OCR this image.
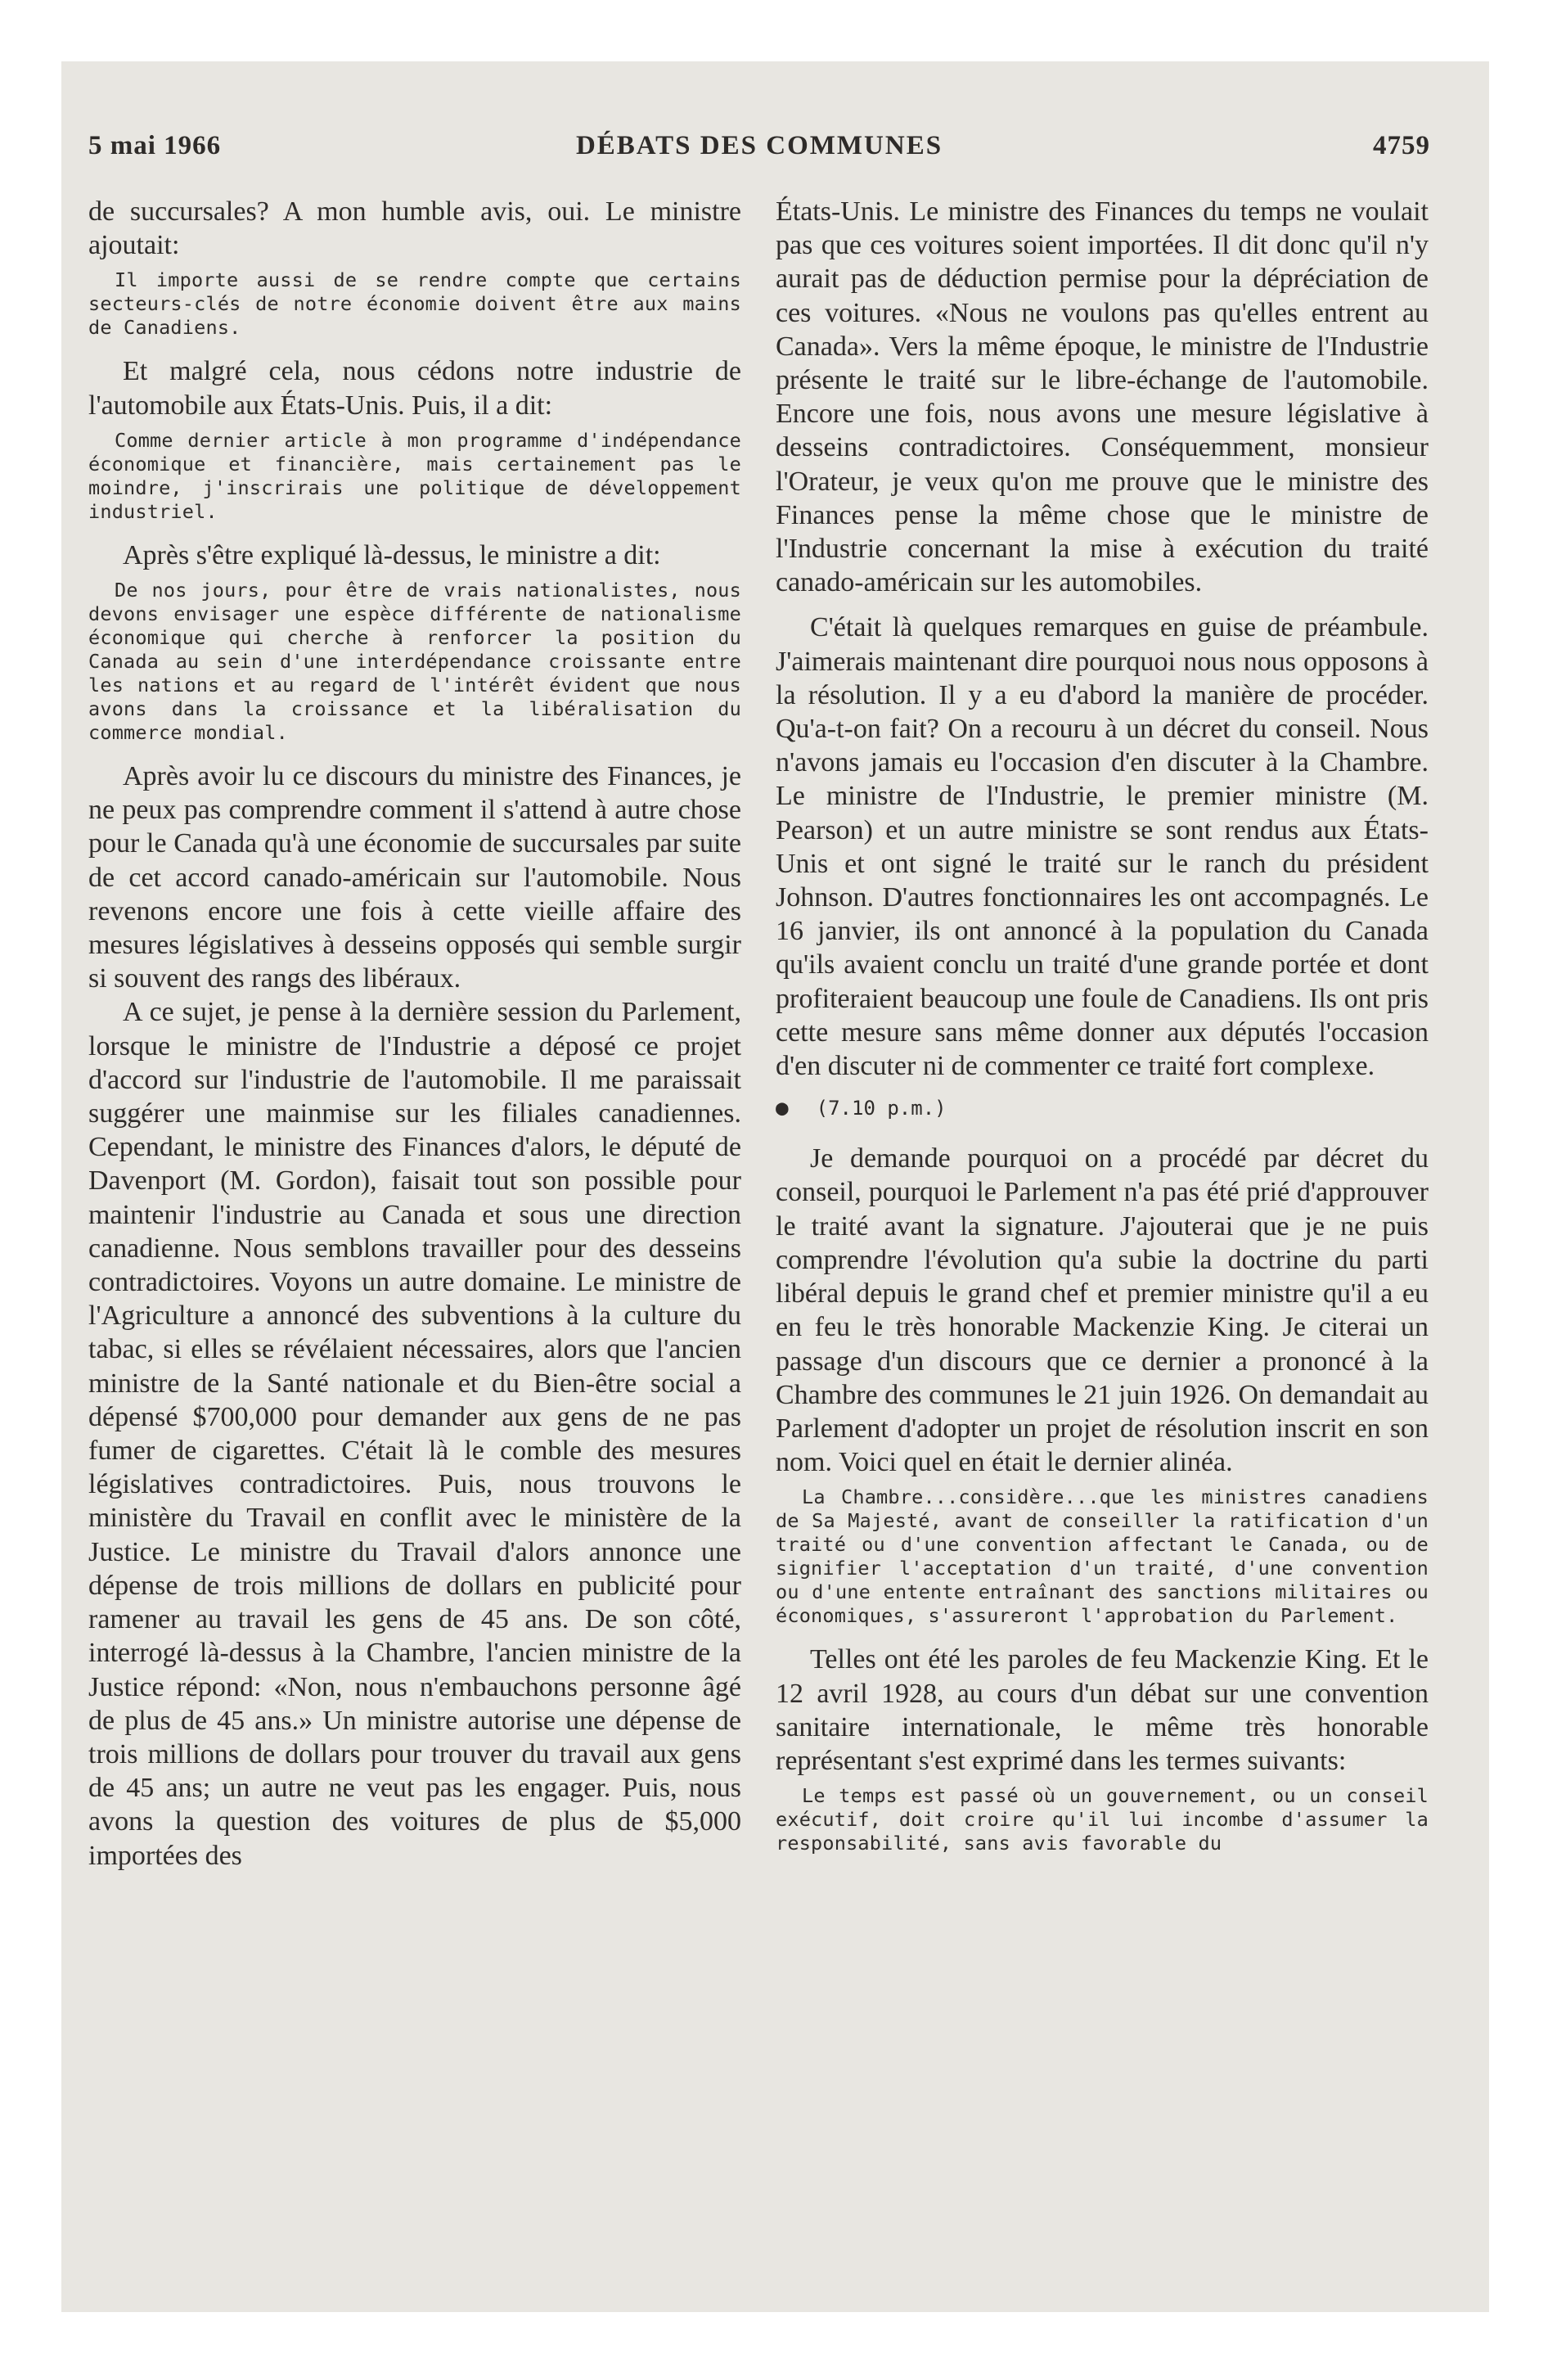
5 mai 1966	DÉBATS DES COMMUNES	4759

de succursales? A mon humble avis, oui. Le ministre ajoutait:

Il importe aussi de se rendre compte que certains secteurs-clés de notre économie doivent être aux mains de Canadiens.

Et malgré cela, nous cédons notre industrie de l'automobile aux États-Unis. Puis, il a dit:

Comme dernier article à mon programme d'indépendance économique et financière, mais certainement pas le moindre, j'inscrirais une politique de développement industriel.

Après s'être expliqué là-dessus, le ministre a dit:

De nos jours, pour être de vrais nationalistes, nous devons envisager une espèce différente de nationalisme économique qui cherche à renforcer la position du Canada au sein d'une interdépendance croissante entre les nations et au regard de l'intérêt évident que nous avons dans la croissance et la libéralisation du commerce mondial.

Après avoir lu ce discours du ministre des Finances, je ne peux pas comprendre comment il s'attend à autre chose pour le Canada qu'à une économie de succursales par suite de cet accord canado-américain sur l'automobile. Nous revenons encore une fois à cette vieille affaire des mesures législatives à desseins opposés qui semble surgir si souvent des rangs des libéraux.

A ce sujet, je pense à la dernière session du Parlement, lorsque le ministre de l'Industrie a déposé ce projet d'accord sur l'industrie de l'automobile. Il me paraissait suggérer une mainmise sur les filiales canadiennes. Cependant, le ministre des Finances d'alors, le député de Davenport (M. Gordon), faisait tout son possible pour maintenir l'industrie au Canada et sous une direction canadienne. Nous semblons travailler pour des desseins contradictoires. Voyons un autre domaine. Le ministre de l'Agriculture a annoncé des subventions à la culture du tabac, si elles se révélaient nécessaires, alors que l'ancien ministre de la Santé nationale et du Bien-être social a dépensé $700,000 pour demander aux gens de ne pas fumer de cigarettes. C'était là le comble des mesures législatives contradictoires. Puis, nous trouvons le ministère du Travail en conflit avec le ministère de la Justice. Le ministre du Travail d'alors annonce une dépense de trois millions de dollars en publicité pour ramener au travail les gens de 45 ans. De son côté, interrogé là-dessus à la Chambre, l'ancien ministre de la Justice répond: «Non, nous n'embauchons personne âgé de plus de 45 ans.» Un ministre autorise une dépense de trois millions de dollars pour trouver du travail aux gens de 45 ans; un autre ne veut pas les engager. Puis, nous avons la question des voitures de plus de $5,000 importées des

États-Unis. Le ministre des Finances du temps ne voulait pas que ces voitures soient importées. Il dit donc qu'il n'y aurait pas de déduction permise pour la dépréciation de ces voitures. «Nous ne voulons pas qu'elles entrent au Canada». Vers la même époque, le ministre de l'Industrie présente le traité sur le libre-échange de l'automobile. Encore une fois, nous avons une mesure législative à desseins contradictoires. Conséquemment, monsieur l'Orateur, je veux qu'on me prouve que le ministre des Finances pense la même chose que le ministre de l'Industrie concernant la mise à exécution du traité canado-américain sur les automobiles.

C'était là quelques remarques en guise de préambule. J'aimerais maintenant dire pourquoi nous nous opposons à la résolution. Il y a eu d'abord la manière de procéder. Qu'a-t-on fait? On a recouru à un décret du conseil. Nous n'avons jamais eu l'occasion d'en discuter à la Chambre. Le ministre de l'Industrie, le premier ministre (M. Pearson) et un autre ministre se sont rendus aux États-Unis et ont signé le traité sur le ranch du président Johnson. D'autres fonctionnaires les ont accompagnés. Le 16 janvier, ils ont annoncé à la population du Canada qu'ils avaient conclu un traité d'une grande portée et dont profiteraient beaucoup une foule de Canadiens. Ils ont pris cette mesure sans même donner aux députés l'occasion d'en discuter ni de commenter ce traité fort complexe.

● (7.10 p.m.)

Je demande pourquoi on a procédé par décret du conseil, pourquoi le Parlement n'a pas été prié d'approuver le traité avant la signature. J'ajouterai que je ne puis comprendre l'évolution qu'a subie la doctrine du parti libéral depuis le grand chef et premier ministre qu'il a eu en feu le très honorable Mackenzie King. Je citerai un passage d'un discours que ce dernier a prononcé à la Chambre des communes le 21 juin 1926. On demandait au Parlement d'adopter un projet de résolution inscrit en son nom. Voici quel en était le dernier alinéa.

La Chambre...considère...que les ministres canadiens de Sa Majesté, avant de conseiller la ratification d'un traité ou d'une convention affectant le Canada, ou de signifier l'acceptation d'un traité, d'une convention ou d'une entente entraînant des sanctions militaires ou économiques, s'assureront l'approbation du Parlement.

Telles ont été les paroles de feu Mackenzie King. Et le 12 avril 1928, au cours d'un débat sur une convention sanitaire internationale, le même très honorable représentant s'est exprimé dans les termes suivants:

Le temps est passé où un gouvernement, ou un conseil exécutif, doit croire qu'il lui incombe d'assumer la responsabilité, sans avis favorable du
